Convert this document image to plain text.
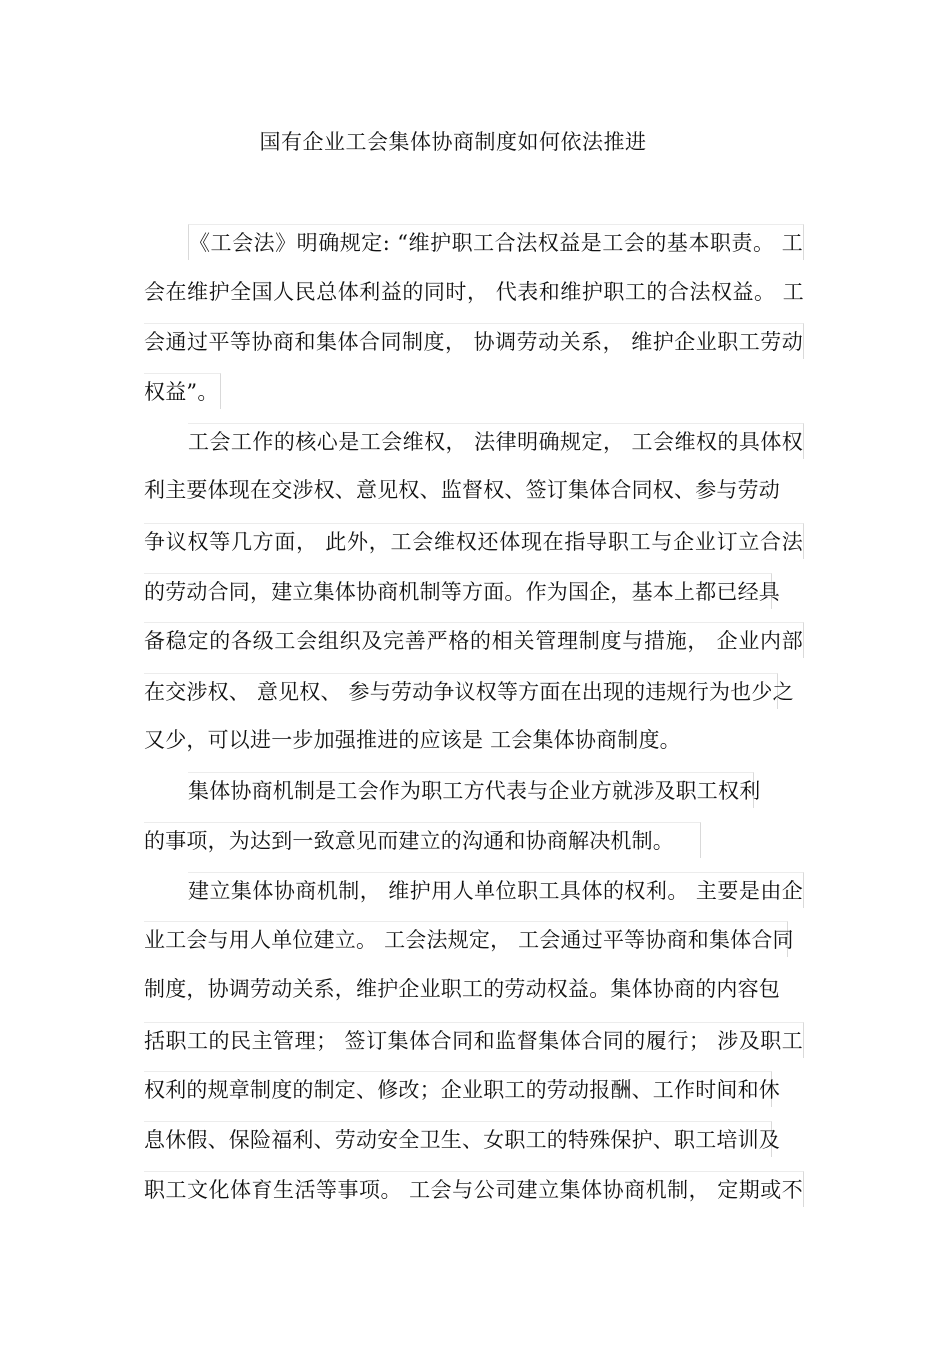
国有企业工会集体协商制度如何依法推进
《工会法》明确规定: “维护职工合法权益是工会的基本职责。 工
会在维护全国人民总体利益的同时， 代表和维护职工的合法权益。 工
会通过平等协商和集体合同制度， 协调劳动关系， 维护企业职工劳动
权益”。
工会工作的核心是工会维权， 法律明确规定， 工会维权的具体权
利主要体现在交涉权、意见权、监督权、签订集体合同权、参与劳动
争议权等几方面， 此外，工会维权还体现在指导职工与企业订立合法
的劳动合同，建立集体协商机制等方面。作为国企，基本上都已经具
备稳定的各级工会组织及完善严格的相关管理制度与措施， 企业内部
在交涉权、 意见权、 参与劳动争议权等方面在出现的违规行为也少之
又少，可以进一步加强推进的应该是 工会集体协商制度。
集体协商机制是工会作为职工方代表与企业方就涉及职工权利
的事项，为达到一致意见而建立的沟通和协商解决机制。
建立集体协商机制， 维护用人单位职工具体的权利。 主要是由企
业工会与用人单位建立。 工会法规定， 工会通过平等协商和集体合同
制度，协调劳动关系，维护企业职工的劳动权益。集体协商的内容包
括职工的民主管理； 签订集体合同和监督集体合同的履行； 涉及职工
权利的规章制度的制定、修改；企业职工的劳动报酬、工作时间和休
息休假、保险福利、劳动安全卫生、女职工的特殊保护、职工培训及
职工文化体育生活等事项。 工会与公司建立集体协商机制， 定期或不
